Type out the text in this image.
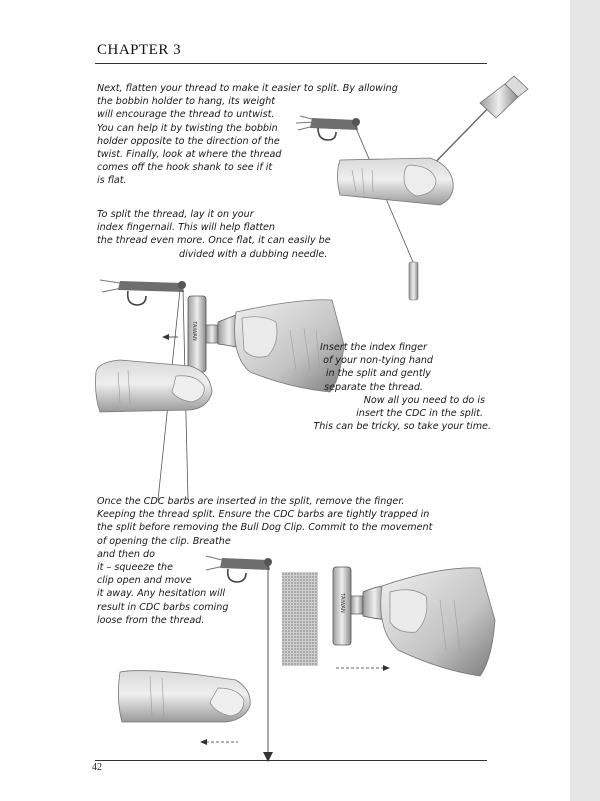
CHAPTER 3
TAIWAN
TAIWAN
Next, flatten your thread to make it easier to split. By allowing
the bobbin holder to hang, its weight
will encourage the thread to untwist.
You can help it by twisting the bobbin
holder opposite to the direction of the
twist. Finally, look at where the thread
comes off the hook shank to see if it
is flat.
To split the thread, lay it on your
index fingernail. This will help flatten
the thread even more. Once flat, it can easily be
divided with a dubbing needle.
Insert the index finger
of your non-tying hand
in the split and gently
separate the thread.
Now all you need to do is
insert the CDC in the split.
This can be tricky, so take your time.
Once the CDC barbs are inserted in the split, remove the finger.
Keeping the thread split. Ensure the CDC barbs are tightly trapped in
the split before removing the Bull Dog Clip. Commit to the movement
of opening the clip. Breathe
and then do
it – squeeze the
clip open and move
it away. Any hesitation will
result in CDC barbs coming
loose from the thread.
42
